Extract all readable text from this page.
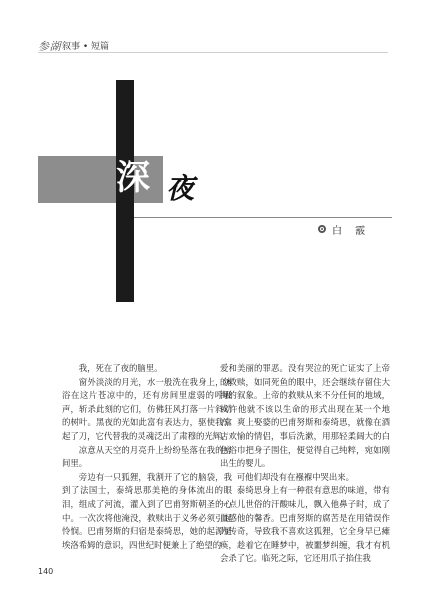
参湖 叙事 • 短篇
深 夜
白 霰

我，死在了夜的脑里。

窗外淡淡的月光，水一般洗在我身上，沐浴在这片苍凉中的，还有房间里虚弱的呼吸声，斩杀此刻的它们，仿佛狂风打落一片斜动的树叶。黑夜的光如此富有表达力，驱使我拿起了刀，它代替我的灵魂泛出了肃穆的光辉。

凉意从天空的月亮升上纷纷坠落在我的房间里。

旁边有一只狐狸，我割开了它的脑袋，我到了法国士，泰绮思那美艳的身体流出的眼泪，组成了河流，灌入到了巴甫努斯朝圣的心中。一次次将他淹没，救赎出于义务必须引起怜悯。巴甫努斯的归宿是泰绮思，她的起源是埃洛希姆的意识，四世纪时便兼上了绝望的

爱和美丽的罪恶。没有哭泣的死亡证实了上帝的救赎，如同死鱼的眼中，还会继续存留住大海的叙象。上帝的救赎从来不分任何的地域，或许他就不该以生命的形式出现在某一个地方。爽上娶婆的巴甫努斯和泰绮思，就像在酒店欢愉的情侣，事后洗漱，用那轻柔阔大的白色浴巾把身子围住，便觉得自己纯粹，宛如刚出生的婴儿。

可他们却没有在襁褓中哭出来。

泰绮思身上有一种很有意思的味道，带有一点儿世俗的汗酸味儿，飘入他鼻子时，成了血感他的馨香。巴甫努斯的腐苦是在用错误作为传奇，导致我不喜欢这狐狸，它全身早已瘫痪，趁着它在睡梦中，被噩梦纠缠，我才有机会杀了它。临死之际，它还用爪子掐住我

140
